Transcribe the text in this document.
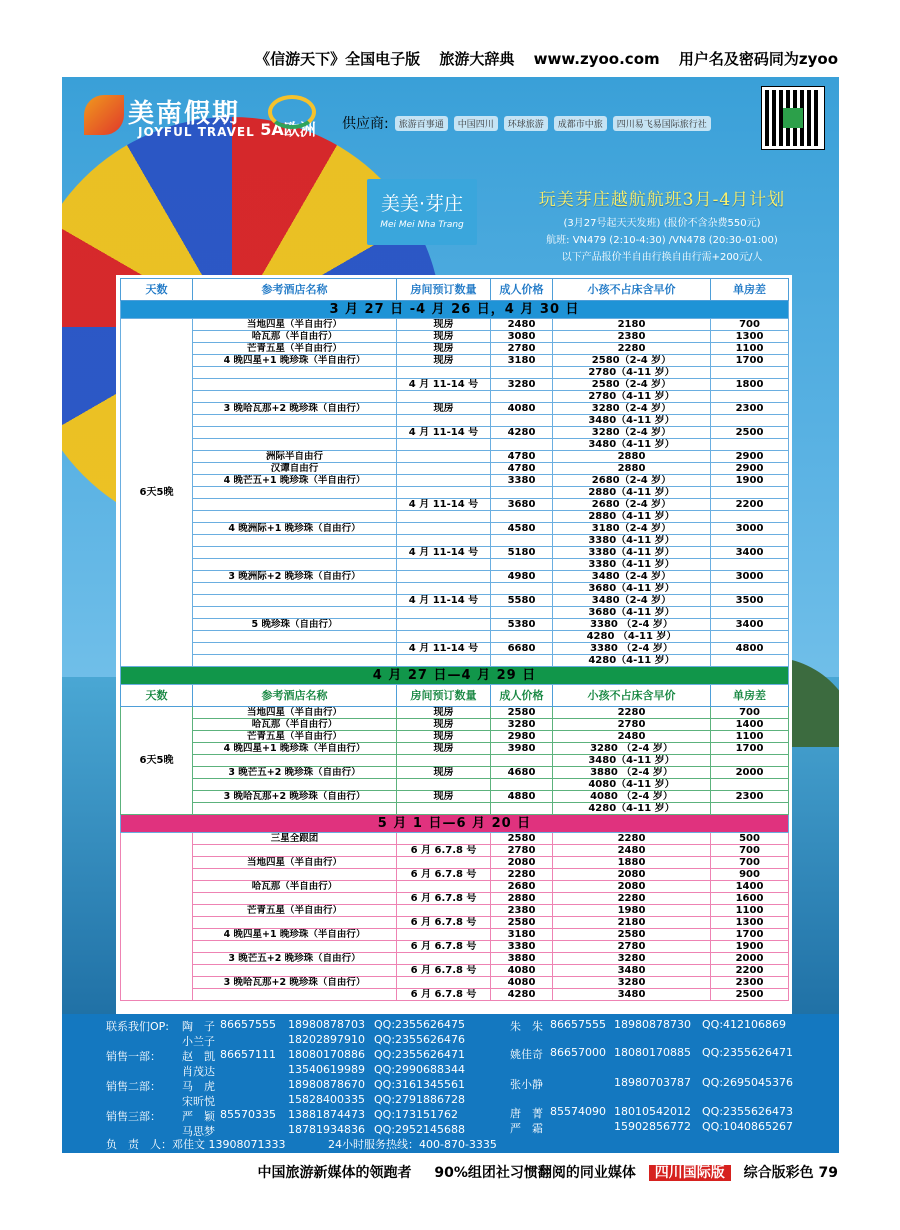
《信游天下》全国电子版 旅游大辞典 www.zyoo.com 用户名及密码同为zyoo
美南假期
JOYFUL TRAVEL 5A欧洲 供应商:	旅游百事通	中国四川	环球旅游	成都市中旅	四川易飞易国际旅行社
美美·芽庄
Mei Mei Nha Trang
玩美芽庄越航航班3月-4月计划
(3月27号起天天发班) (报价不含杂费550元)
航班: VN479 (2:10-4:30) /VN478 (20:30-01:00)
以下产品报价半自由行换自由行需+200元/人
天数	参考酒店名称	房间预订数量	成人价格	小孩不占床含早价	单房差
3 月 27 日 -4 月 26 日，4 月 30 日					
6天5晚	当地四星（半自由行）	现房	2480	2180	700
	哈瓦那（半自由行）	现房	3080	2380	1300
	芒青五星（半自由行）	现房	2780	2280	1100
	4 晚四星+1 晚珍珠（半自由行）	现房	3180	2580（2-4 岁）	1700
				2780（4-11 岁）	
		4 月 11-14 号	3280	2580（2-4 岁）	1800
				2780（4-11 岁）	
	3 晚哈瓦那+2 晚珍珠（自由行）	现房	4080	3280（2-4 岁）	2300
				3480（4-11 岁）	
		4 月 11-14 号	4280	3280（2-4 岁）	2500
				3480（4-11 岁）	
	洲际半自由行		4780	2880	2900
	汉谭自由行		4780	2880	2900
	4 晚芒五+1 晚珍珠（半自由行）		3380	2680（2-4 岁）	1900
				2880（4-11 岁）	
		4 月 11-14 号	3680	2680（2-4 岁）	2200
				2880（4-11 岁）	
	4 晚洲际+1 晚珍珠（自由行）		4580	3180（2-4 岁）	3000
				3380（4-11 岁）	
		4 月 11-14 号	5180	3380（4-11 岁）	3400
				3380（4-11 岁）	
	3 晚洲际+2 晚珍珠（自由行）		4980	3480（2-4 岁）	3000
				3680（4-11 岁）	
		4 月 11-14 号	5580	3480（2-4 岁）	3500
				3680（4-11 岁）	
	5 晚珍珠（自由行）		5380	3380 （2-4 岁）	3400
				4280 （4-11 岁）	
		4 月 11-14 号	6680	3380 （2-4 岁）	4800
				4280（4-11 岁）	
4 月 27 日—4 月 29 日					
天数	参考酒店名称	房间预订数量	成人价格	小孩不占床含早价	单房差
6天5晚	当地四星（半自由行）	现房	2580	2280	700
	哈瓦那（半自由行）	现房	3280	2780	1400
	芒青五星（半自由行）	现房	2980	2480	1100
	4 晚四星+1 晚珍珠（半自由行）	现房	3980	3280 （2-4 岁）	1700
				3480（4-11 岁）	
	3 晚芒五+2 晚珍珠（自由行）	现房	4680	3880 （2-4 岁）	2000
				4080（4-11 岁）	
	3 晚哈瓦那+2 晚珍珠（自由行）	现房	4880	4080 （2-4 岁）	2300
				4280（4-11 岁）	
5 月 1 日—6 月 20 日					
	三星全跟团		2580	2280	500
		6 月 6.7.8 号	2780	2480	700
	当地四星（半自由行）		2080	1880	700
		6 月 6.7.8 号	2280	2080	900
	哈瓦那（半自由行）		2680	2080	1400
		6 月 6.7.8 号	2880	2280	1600
	芒青五星（半自由行）		2380	1980	1100
		6 月 6.7.8 号	2580	2180	1300
	4 晚四星+1 晚珍珠（半自由行）		3180	2580	1700
		6 月 6.7.8 号	3380	2780	1900
	3 晚芒五+2 晚珍珠（自由行）		3880	3280	2000
		6 月 6.7.8 号	4080	3480	2200
	3 晚哈瓦那+2 晚珍珠（自由行）		4080	3280	2300
		6 月 6.7.8 号	4280	3480	2500
联系我们OP: 陶　子 86657555 18980878703 QQ:2355626475
小兰子	18202897910 QQ:2355626476
销售一部： 赵　凯 86657111 18080170886 QQ:2355626471
肖茂达	13540619989 QQ:2990688344
销售二部： 马　虎	18980878670 QQ:3161345561
宋昕悦	15828400335 QQ:2791886728
销售三部： 严　颖 85570335 13881874473 QQ:173151762
马思梦	18781934836 QQ:2952145688
朱　朱 86657555 18980878730 QQ:412106869
姚佳奇 86657000 18080170885 QQ:2355626471
张小静	18980703787 QQ:2695045376
唐　菁 85574090 18010542012 QQ:2355626473
严　霜	15902856772 QQ:1040865267
负　责　人：邓佳文 13908071333	24小时服务热线：400-870-3335
中国旅游新媒体的领跑者 90%组团社习惯翻阅的同业媒体 四川国际版 综合版彩色 79
